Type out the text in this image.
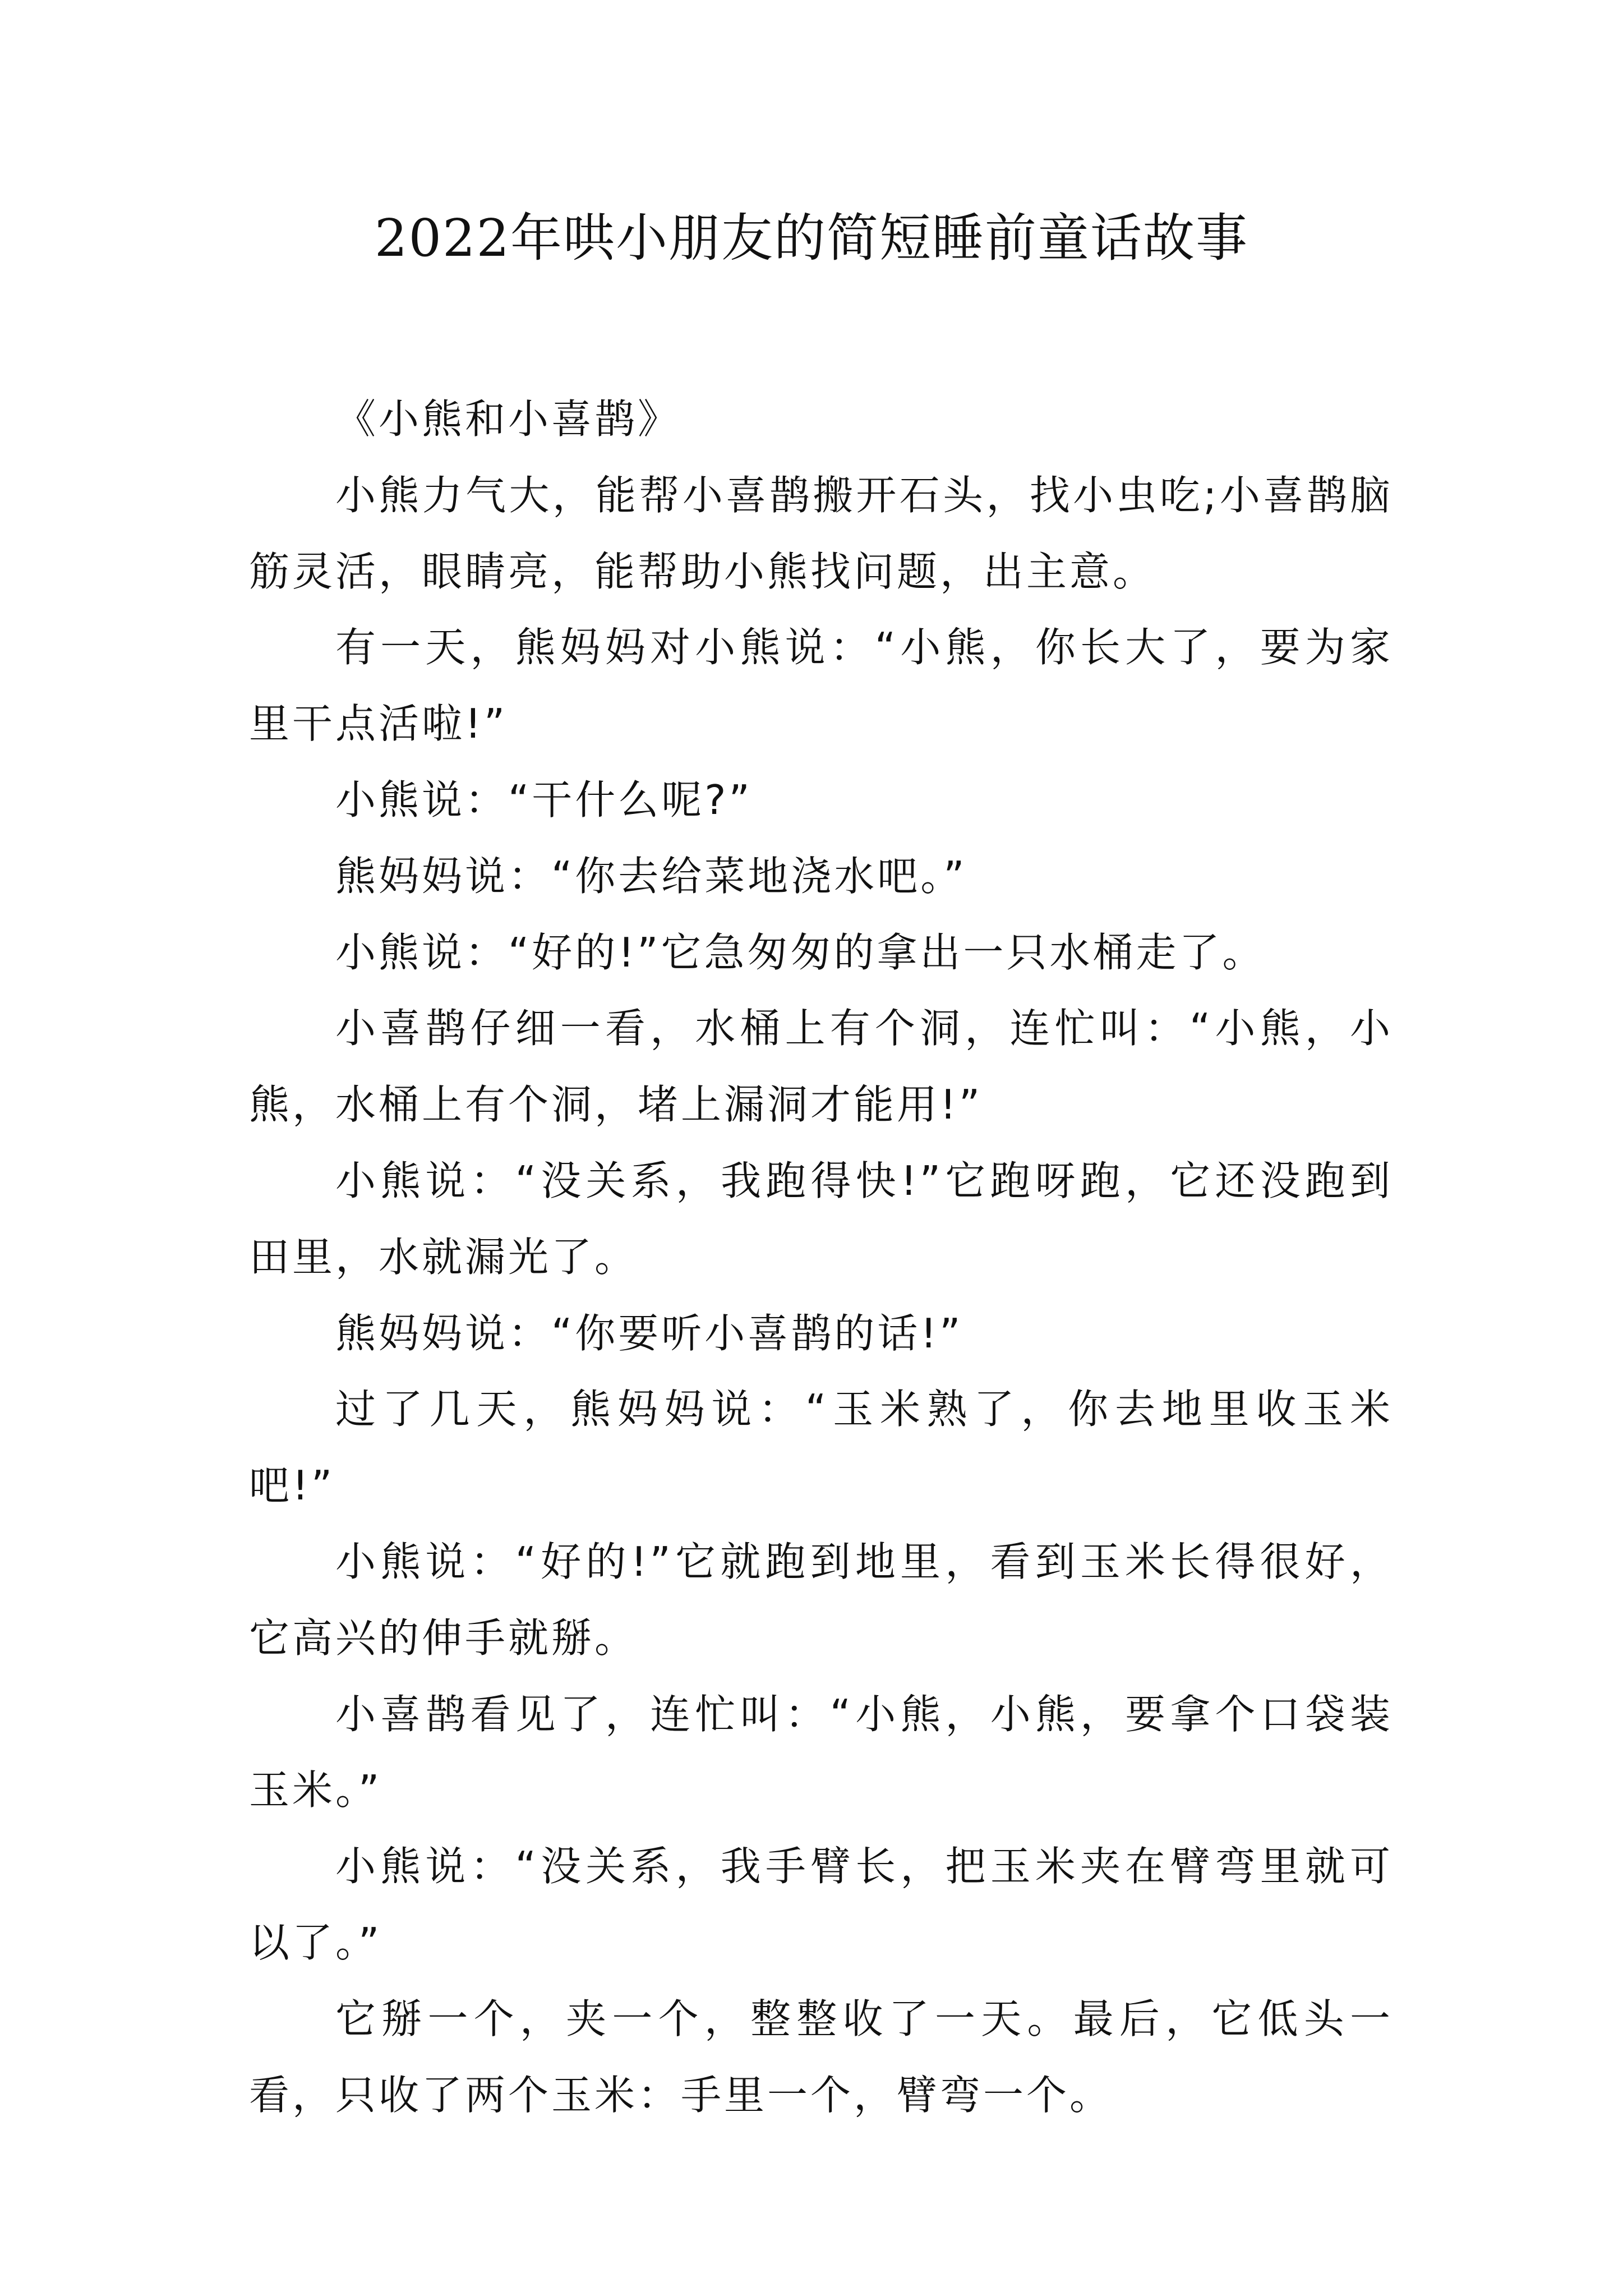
2022年哄小朋友的简短睡前童话故事

《小熊和小喜鹊》

小熊力气大，能帮小喜鹊搬开石头，找小虫吃;小喜鹊脑筋灵活，眼睛亮，能帮助小熊找问题，出主意。

有一天，熊妈妈对小熊说：“小熊，你长大了，要为家里干点活啦!”

小熊说：“干什么呢?”

熊妈妈说：“你去给菜地浇水吧。”

小熊说：“好的!”它急匆匆的拿出一只水桶走了。

小喜鹊仔细一看，水桶上有个洞，连忙叫：“小熊，小熊，水桶上有个洞，堵上漏洞才能用!”

小熊说：“没关系，我跑得快!”它跑呀跑，它还没跑到田里，水就漏光了。

熊妈妈说：“你要听小喜鹊的话!”

过了几天，熊妈妈说：“玉米熟了，你去地里收玉米吧!”

小熊说：“好的!”它就跑到地里，看到玉米长得很好，它高兴的伸手就掰。

小喜鹊看见了，连忙叫：“小熊，小熊，要拿个口袋装玉米。”

小熊说：“没关系，我手臂长，把玉米夹在臂弯里就可以了。”

它掰一个，夹一个，整整收了一天。最后，它低头一看，只收了两个玉米：手里一个，臂弯一个。
